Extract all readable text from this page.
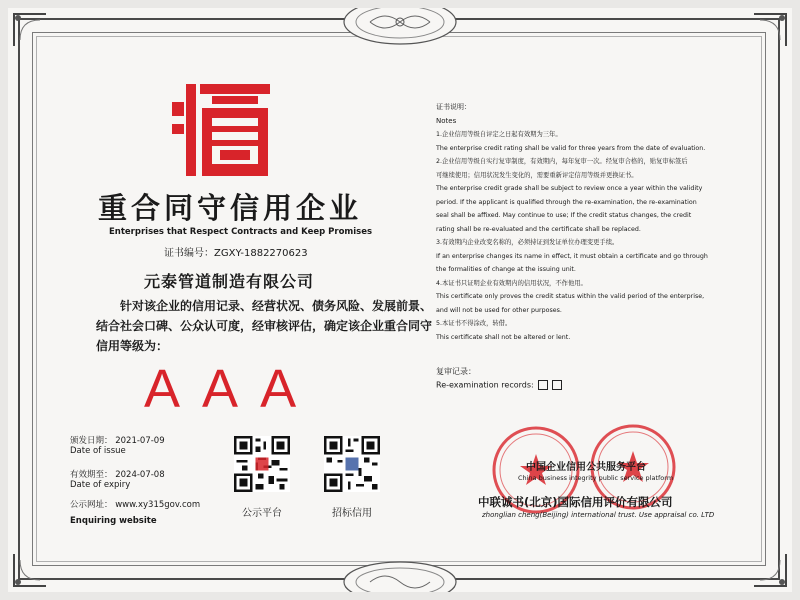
重合同守信用企业
Enterprises that Respect Contracts and Keep Promises
证书编号：ZGXY-1882270623
元泰管道制造有限公司
针对该企业的信用记录、经营状况、债务风险、发展前景、
结合社会口碑、公众认可度，经审核评估，确定该企业重合同守
信用等级为：
AAA
颁发日期： 2021-07-09
Date of issue
有效期至： 2024-07-08
Date of expiry
公示网址： www.xy315gov.com
Enquiring website
公示平台	招标信用
证书说明：
Notes
1.企业信用等级自评定之日起有效期为三年。
The enterprise credit rating shall be valid for three years from the date of evaluation.
2.企业信用等级自实行复审制度，有效期内，每年复审一次。经复审合格的，贴复审标签后
可继续使用；信用状况发生变化的，需要重新评定信用等级并更换证书。
The enterprise credit grade shall be subject to review once a year within the validity
period. If the applicant is qualified through the re-examination, the re-examination
seal shall be affixed. May continue to use; If the credit status changes, the credit
rating shall be re-evaluated and the certificate shall be replaced.
3.有效期内企业改变名称的，必须持证到发证单位办理变更手续。
If an enterprise changes its name in effect, it must obtain a certificate and go through
the formalities of change at the issuing unit.
4.本证书只证明企业有效期内的信用状况，不作他用。
This certificate only proves the credit status within the valid period of the enterprise,
and will not be used for other purposes.
5.本证书不得涂改，转借。
This certificate shall not be altered or lent.
复审记录：
Re-examination records:
中国企业信用公共服务平台
China business integrity public service platform
中联诚书(北京)国际信用评价有限公司
zhonglian cheng(Beijing) international trust. Use appraisal co. LTD
